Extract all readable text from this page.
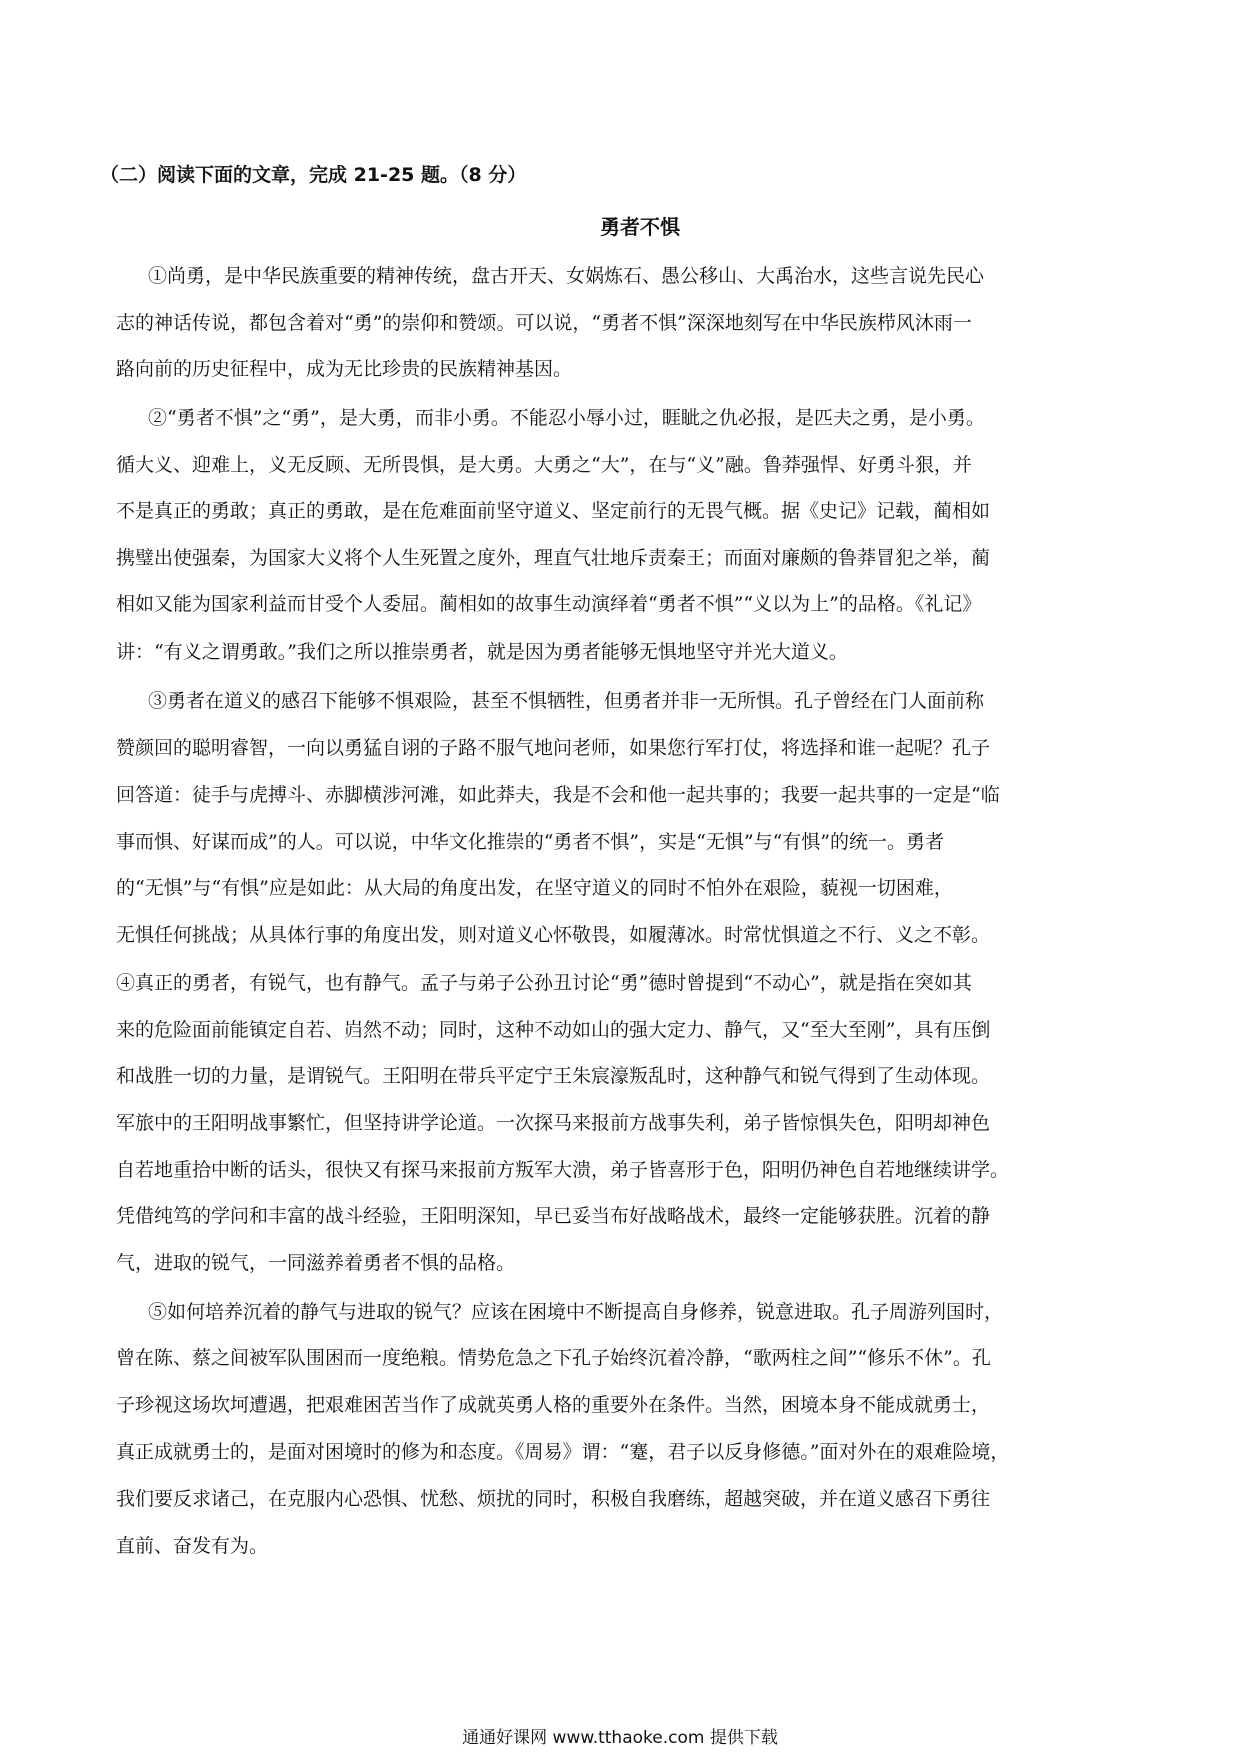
（二）阅读下面的文章，完成 21-25 题。（8 分）
勇者不惧
①尚勇，是中华民族重要的精神传统，盘古开天、女娲炼石、愚公移山、大禹治水，这些言说先民心
志的神话传说，都包含着对“勇”的崇仰和赞颂。可以说，“勇者不惧”深深地刻写在中华民族栉风沐雨一
路向前的历史征程中，成为无比珍贵的民族精神基因。
②“勇者不惧”之“勇”，是大勇，而非小勇。不能忍小辱小过，睚眦之仇必报，是匹夫之勇，是小勇。
循大义、迎难上，义无反顾、无所畏惧，是大勇。大勇之“大”，在与“义”融。鲁莽强悍、好勇斗狠，并
不是真正的勇敢；真正的勇敢，是在危难面前坚守道义、坚定前行的无畏气概。据《史记》记载，蔺相如
携璧出使强秦，为国家大义将个人生死置之度外，理直气壮地斥责秦王；而面对廉颇的鲁莽冒犯之举，蔺
相如又能为国家利益而甘受个人委屈。蔺相如的故事生动演绎着“勇者不惧”“义以为上”的品格。《礼记》
讲：“有义之谓勇敢。”我们之所以推崇勇者，就是因为勇者能够无惧地坚守并光大道义。
③勇者在道义的感召下能够不惧艰险，甚至不惧牺牲，但勇者并非一无所惧。孔子曾经在门人面前称
赞颜回的聪明睿智，一向以勇猛自诩的子路不服气地问老师，如果您行军打仗，将选择和谁一起呢？孔子
回答道：徒手与虎搏斗、赤脚横涉河滩，如此莽夫，我是不会和他一起共事的；我要一起共事的一定是“临
事而惧、好谋而成”的人。可以说，中华文化推崇的“勇者不惧”，实是“无惧”与“有惧”的统一。勇者
的“无惧”与“有惧”应是如此：从大局的角度出发，在坚守道义的同时不怕外在艰险，藐视一切困难，
无惧任何挑战；从具体行事的角度出发，则对道义心怀敬畏，如履薄冰。时常忧惧道之不行、义之不彰。
④真正的勇者，有锐气，也有静气。孟子与弟子公孙丑讨论“勇”德时曾提到“不动心”，就是指在突如其
来的危险面前能镇定自若、岿然不动；同时，这种不动如山的强大定力、静气，又“至大至刚”，具有压倒
和战胜一切的力量，是谓锐气。王阳明在带兵平定宁王朱宸濠叛乱时，这种静气和锐气得到了生动体现。
军旅中的王阳明战事繁忙，但坚持讲学论道。一次探马来报前方战事失利，弟子皆惊惧失色，阳明却神色
自若地重拾中断的话头，很快又有探马来报前方叛军大溃，弟子皆喜形于色，阳明仍神色自若地继续讲学。
凭借纯笃的学问和丰富的战斗经验，王阳明深知，早已妥当布好战略战术，最终一定能够获胜。沉着的静
气，进取的锐气，一同滋养着勇者不惧的品格。
⑤如何培养沉着的静气与进取的锐气？应该在困境中不断提高自身修养，锐意进取。孔子周游列国时，
曾在陈、蔡之间被军队围困而一度绝粮。情势危急之下孔子始终沉着冷静，“歌两柱之间”“修乐不休”。孔
子珍视这场坎坷遭遇，把艰难困苦当作了成就英勇人格的重要外在条件。当然，困境本身不能成就勇士，
真正成就勇士的，是面对困境时的修为和态度。《周易》谓：“蹇，君子以反身修德。”面对外在的艰难险境，
我们要反求诸己，在克服内心恐惧、忧愁、烦扰的同时，积极自我磨练，超越突破，并在道义感召下勇往
直前、奋发有为。
通通好课网 www.tthaoke.com 提供下载
